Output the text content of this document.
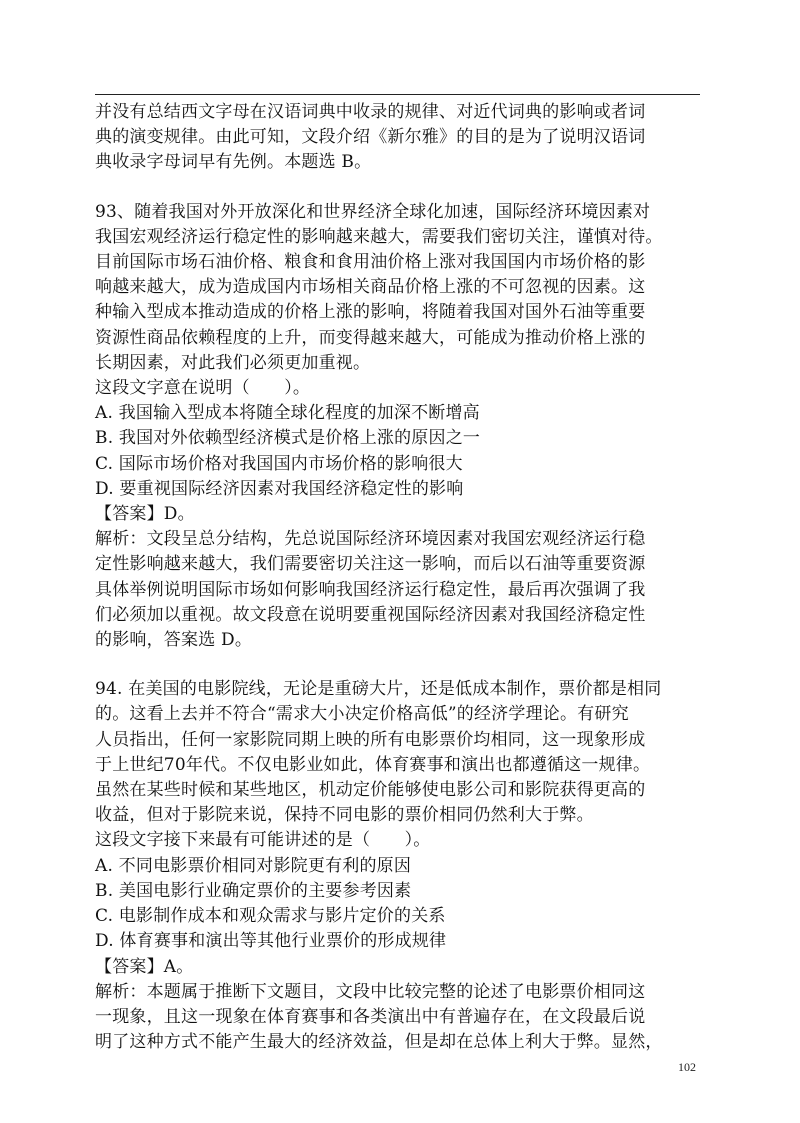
并没有总结西文字母在汉语词典中收录的规律、对近代词典的影响或者词
典的演变规律。由此可知，文段介绍《新尔雅》的目的是为了说明汉语词
典收录字母词早有先例。本题选 B。
93、随着我国对外开放深化和世界经济全球化加速，国际经济环境因素对
我国宏观经济运行稳定性的影响越来越大，需要我们密切关注，谨慎对待。
目前国际市场石油价格、粮食和食用油价格上涨对我国国内市场价格的影
响越来越大，成为造成国内市场相关商品价格上涨的不可忽视的因素。这
种输入型成本推动造成的价格上涨的影响，将随着我国对国外石油等重要
资源性商品依赖程度的上升，而变得越来越大，可能成为推动价格上涨的
长期因素，对此我们必须更加重视。
这段文字意在说明（　　）。
A. 我国输入型成本将随全球化程度的加深不断增高
B. 我国对外依赖型经济模式是价格上涨的原因之一
C. 国际市场价格对我国国内市场价格的影响很大
D. 要重视国际经济因素对我国经济稳定性的影响
【答案】D。
解析：文段呈总分结构，先总说国际经济环境因素对我国宏观经济运行稳
定性影响越来越大，我们需要密切关注这一影响，而后以石油等重要资源
具体举例说明国际市场如何影响我国经济运行稳定性，最后再次强调了我
们必须加以重视。故文段意在说明要重视国际经济因素对我国经济稳定性
的影响，答案选 D。
94. 在美国的电影院线，无论是重磅大片，还是低成本制作，票价都是相同
的。这看上去并不符合“需求大小决定价格高低”的经济学理论。有研究
人员指出，任何一家影院同期上映的所有电影票价均相同，这一现象形成
于上世纪70年代。不仅电影业如此，体育赛事和演出也都遵循这一规律。
虽然在某些时候和某些地区，机动定价能够使电影公司和影院获得更高的
收益，但对于影院来说，保持不同电影的票价相同仍然利大于弊。
这段文字接下来最有可能讲述的是（　　）。
A. 不同电影票价相同对影院更有利的原因
B. 美国电影行业确定票价的主要参考因素
C. 电影制作成本和观众需求与影片定价的关系
D. 体育赛事和演出等其他行业票价的形成规律
【答案】A。
解析：本题属于推断下文题目，文段中比较完整的论述了电影票价相同这
一现象，且这一现象在体育赛事和各类演出中有普遍存在，在文段最后说
明了这种方式不能产生最大的经济效益，但是却在总体上利大于弊。显然，
102
